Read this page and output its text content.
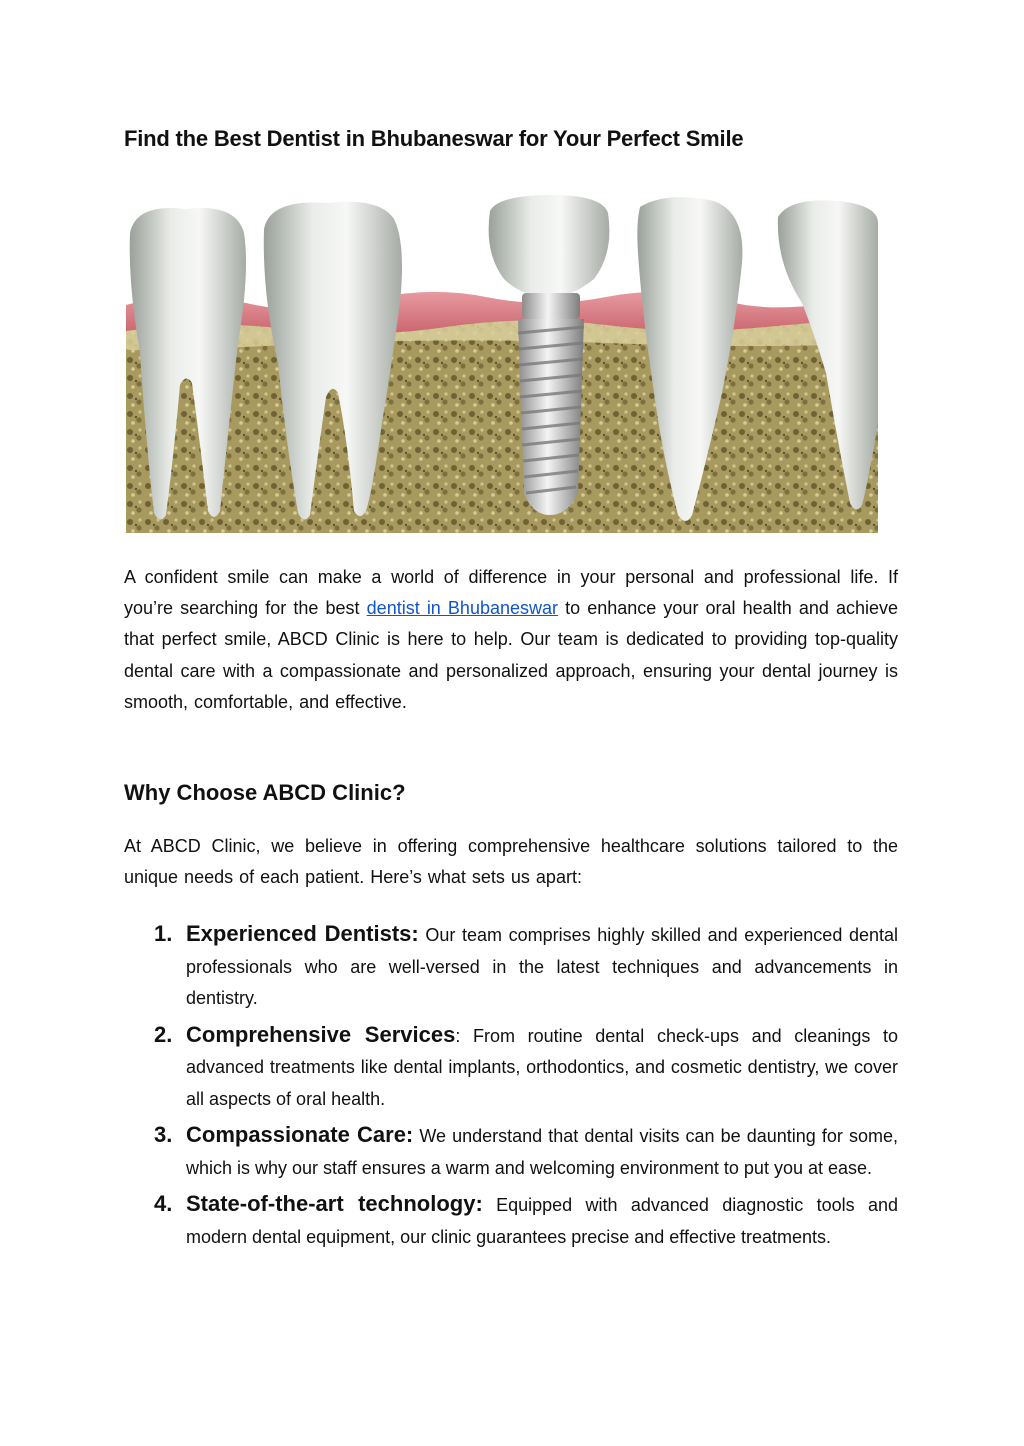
Find the Best Dentist in Bhubaneswar for Your Perfect Smile

A confident smile can make a world of difference in your personal and professional life. If you’re searching for the best dentist in Bhubaneswar to enhance your oral health and achieve that perfect smile, ABCD Clinic is here to help. Our team is dedicated to providing top-quality dental care with a compassionate and personalized approach, ensuring your dental journey is smooth, comfortable, and effective.

Why Choose ABCD Clinic?

At ABCD Clinic, we believe in offering comprehensive healthcare solutions tailored to the unique needs of each patient. Here’s what sets us apart:

1. Experienced Dentists: Our team comprises highly skilled and experienced dental professionals who are well-versed in the latest techniques and advancements in dentistry.
2. Comprehensive Services: From routine dental check-ups and cleanings to advanced treatments like dental implants, orthodontics, and cosmetic dentistry, we cover all aspects of oral health.
3. Compassionate Care: We understand that dental visits can be daunting for some, which is why our staff ensures a warm and welcoming environment to put you at ease.
4. State-of-the-art technology: Equipped with advanced diagnostic tools and modern dental equipment, our clinic guarantees precise and effective treatments.
